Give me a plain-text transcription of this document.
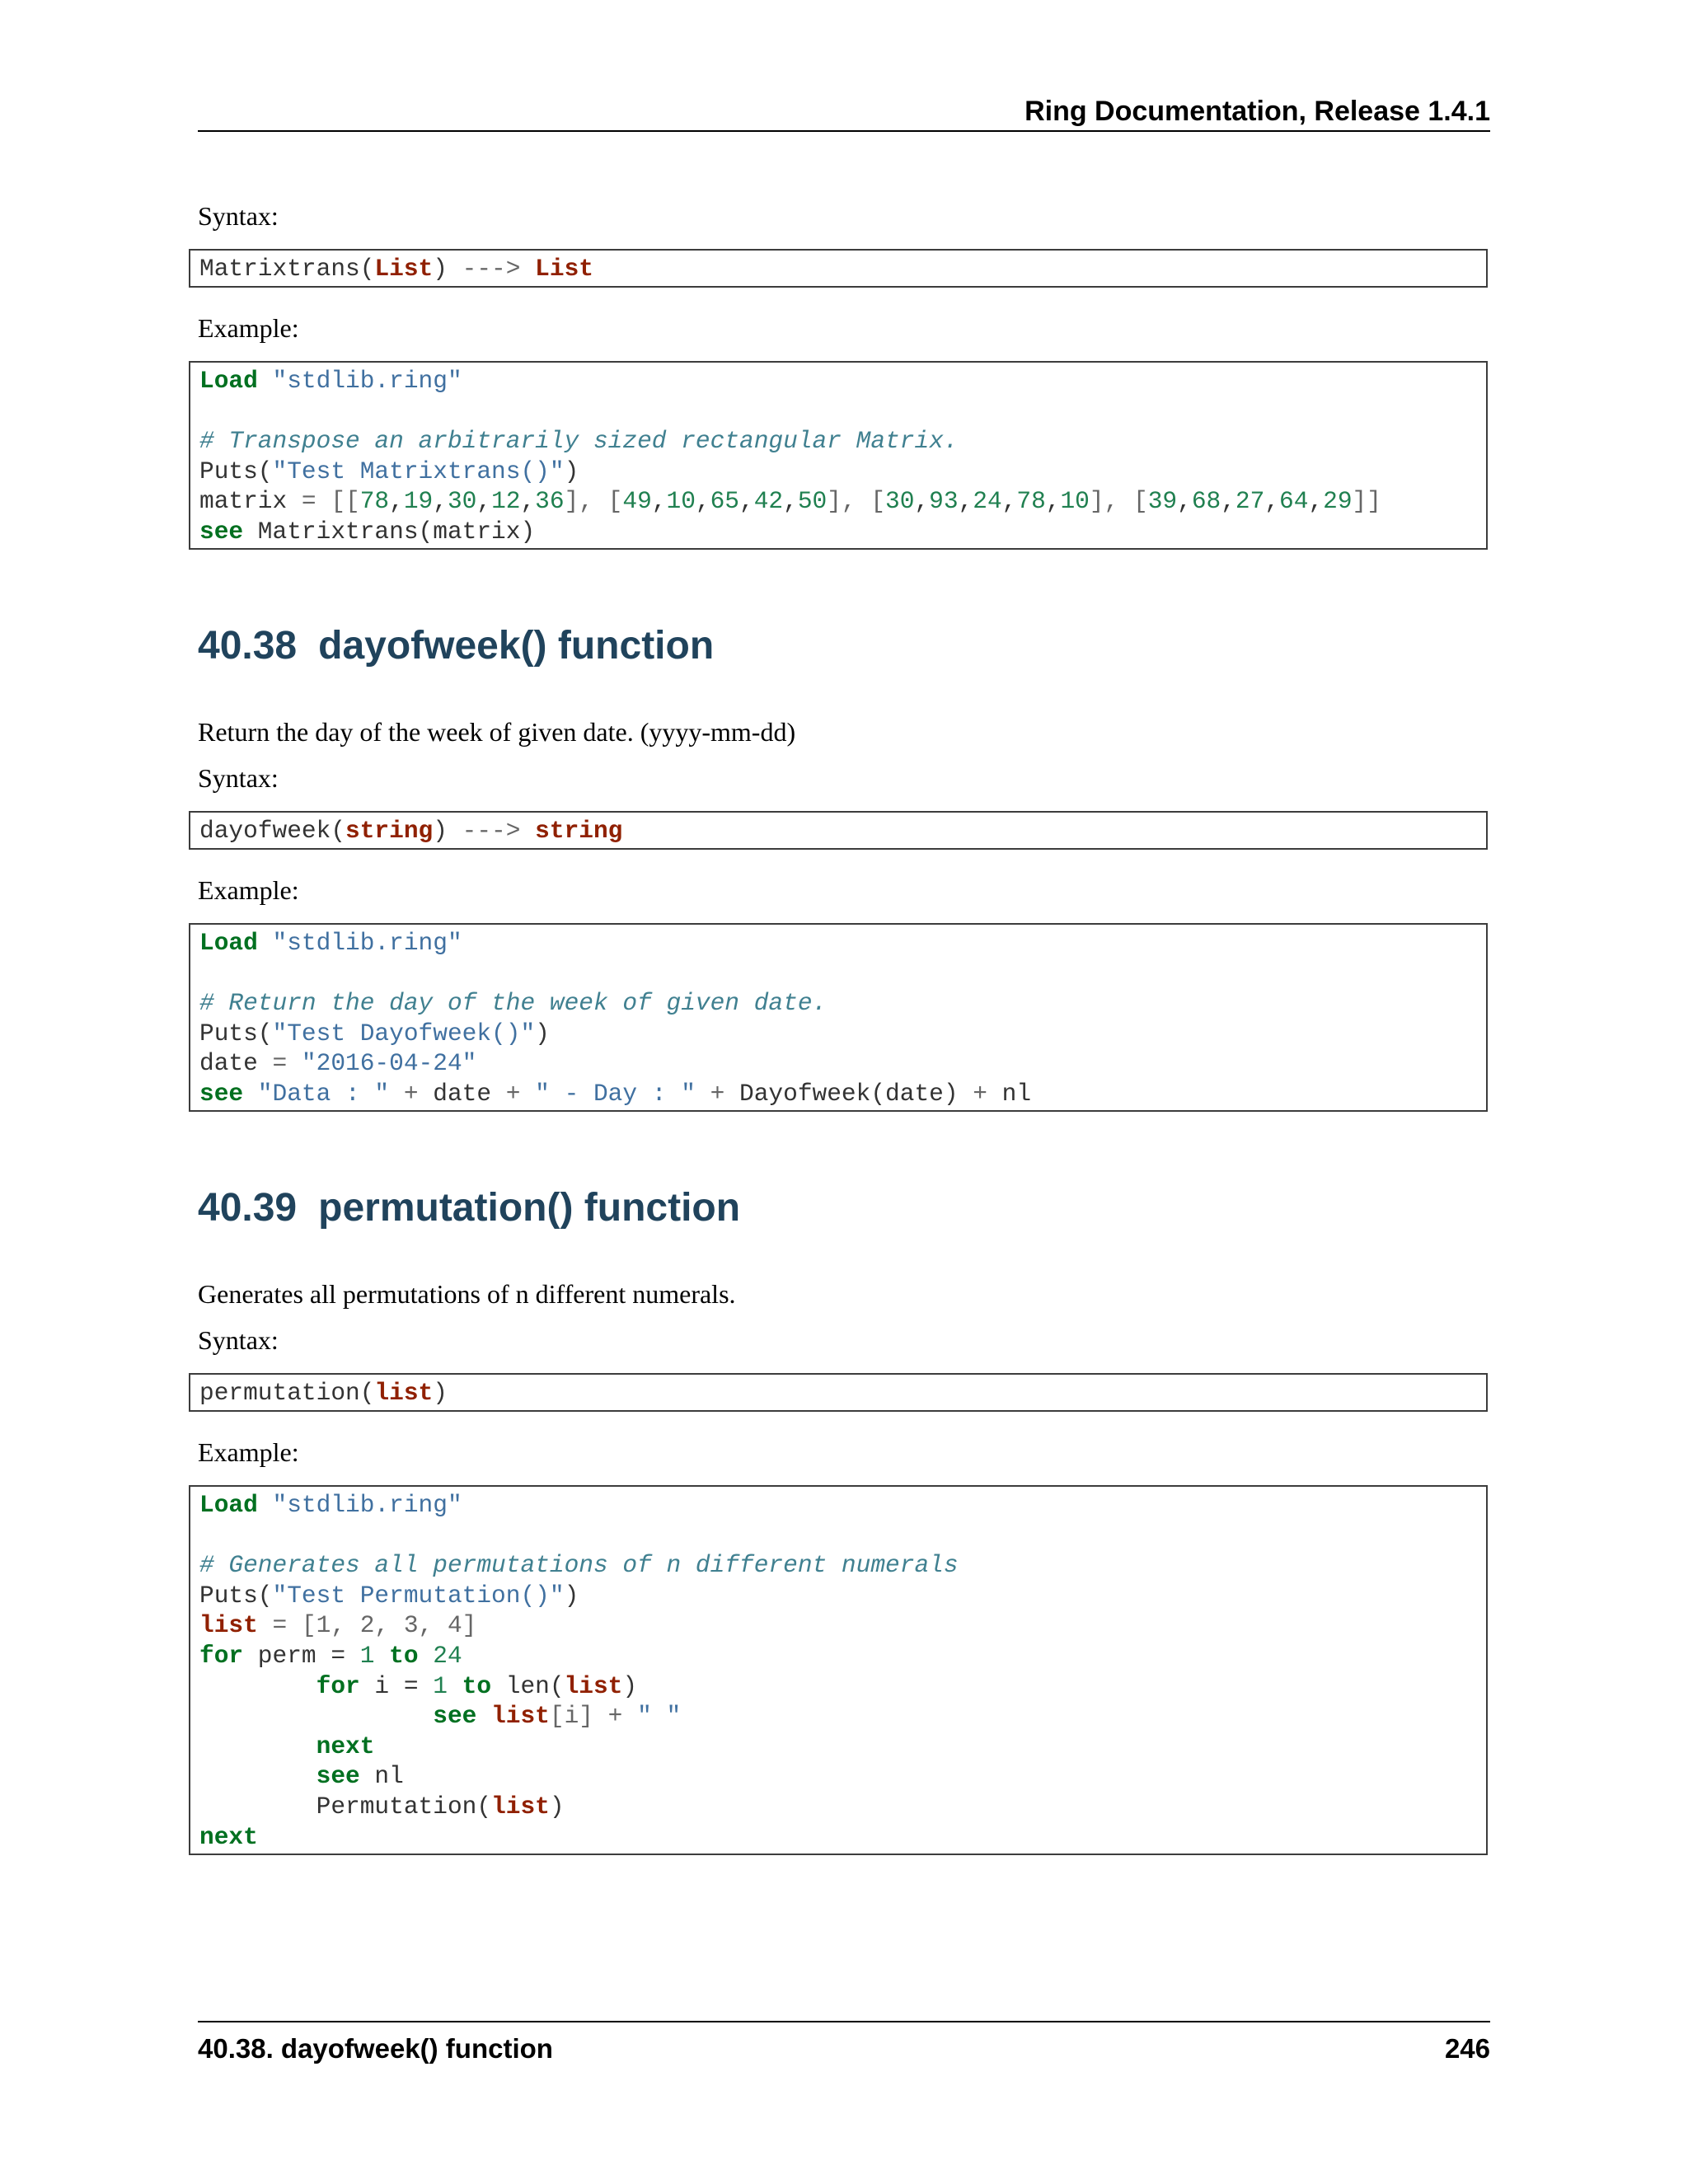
Ring Documentation, Release 1.4.1
Syntax:
Matrixtrans(List) ---> List
Example:
Load "stdlib.ring"

# Transpose an arbitrarily sized rectangular Matrix.
Puts("Test Matrixtrans()")
matrix = [[78,19,30,12,36], [49,10,65,42,50], [30,93,24,78,10], [39,68,27,64,29]]
see Matrixtrans(matrix)
40.38 dayofweek() function
Return the day of the week of given date. (yyyy-mm-dd)
Syntax:
dayofweek(string) ---> string
Example:
Load "stdlib.ring"

# Return the day of the week of given date.
Puts("Test Dayofweek()")
date = "2016-04-24"
see "Data : " + date + " - Day : " + Dayofweek(date) + nl
40.39 permutation() function
Generates all permutations of n different numerals.
Syntax:
permutation(list)
Example:
Load "stdlib.ring"

# Generates all permutations of n different numerals
Puts("Test Permutation()")
list = [1, 2, 3, 4]
for perm = 1 to 24
for i = 1 to len(list)
see list[i] + " "
next
see nl
Permutation(list)
next
40.38. dayofweek() function	246
